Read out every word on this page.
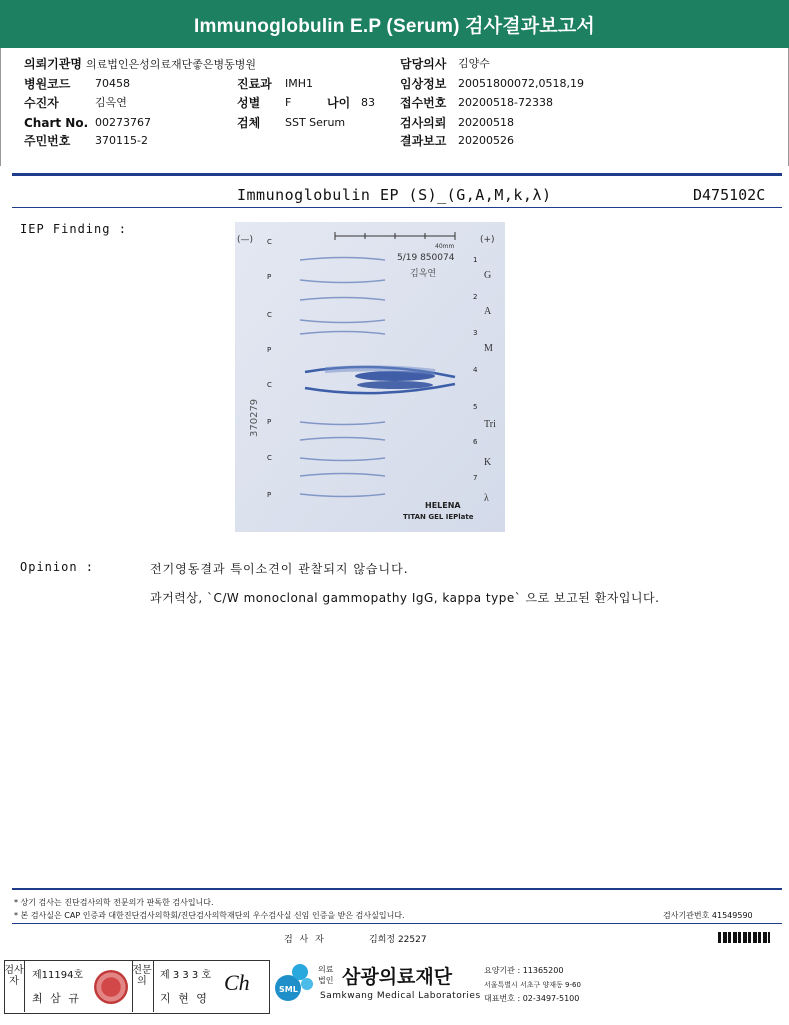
Immunoglobulin E.P (Serum) 검사결과보고서
의뢰기관명 의료법인은성의료재단좋은병동병원
병원코드 70458
수진자	김옥연
Chart No. 00273767
주민번호 370115-2
진료과 IMH1
성별 F	나이 83
검체 SST Serum
담당의사 김양수
임상정보 20051800072,0518,19
접수번호 20200518-72338
검사의뢰 20200518
결과보고 20200526
Immunoglobulin EP (S)_(G,A,M,k,λ)	D475102C
IEP Finding :
(—)	(+)
40mm
5/19 850074
김옥연
370279
C
P
C
P
C
P
C
P
1
2
3
4
5
6
7
G
A
M
Tri
K
λ
HELENA
TITAN GEL IEPlate
Opinion :	전기영동결과 특이소견이 관찰되지 않습니다.
과거력상, `C/W monoclonal gammopathy IgG, kappa type` 으로 보고된 환자입니다.
* 상기 검사는 진단검사의학 전문의가 판독한 검사입니다.
* 본 검사실은 CAP 인증과 대한진단검사의학회/진단검사의학재단의 우수검사실 신임 인증을 받은 검사실입니다.	검사기관번호 41549590
검 사 자	김희정 22527
검사자
제11194호
최 삼 규
전문의
제 3 3 3 호
지 현 영
Ch	SML
의료
법인 삼광의료재단
Samkwang Medical Laboratories
요양기관 : 11365200
서울특별시 서초구 양재동 9-60
대표번호 : 02-3497-5100
